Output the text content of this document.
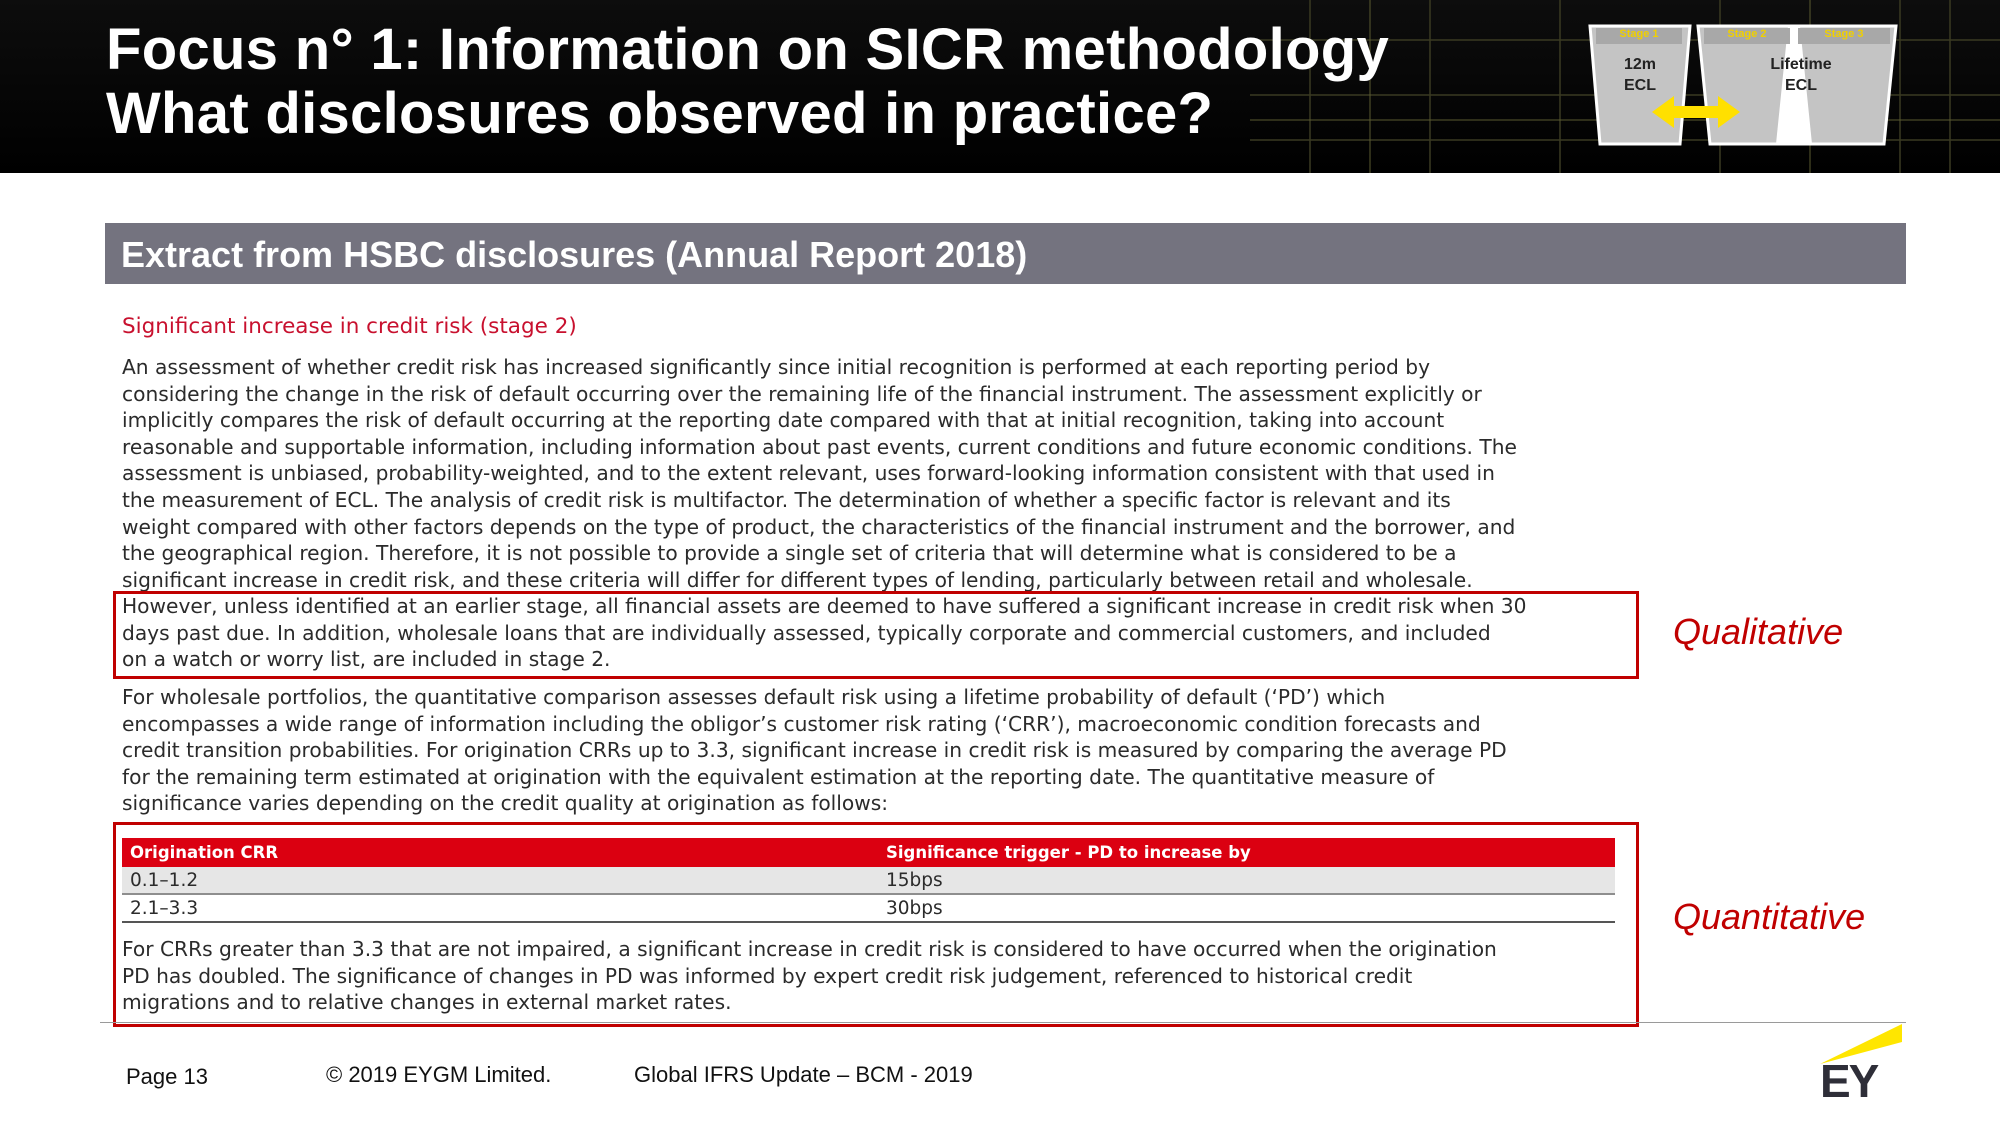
Focus n° 1: Information on SICR methodology
What disclosures observed in practice?
Stage 1	Stage 2	Stage 3
12m
ECL
Lifetime
ECL
Extract from HSBC disclosures (Annual Report 2018)
Significant increase in credit risk (stage 2)
An assessment of whether credit risk has increased significantly since initial recognition is performed at each reporting period by
considering the change in the risk of default occurring over the remaining life of the financial instrument. The assessment explicitly or
implicitly compares the risk of default occurring at the reporting date compared with that at initial recognition, taking into account
reasonable and supportable information, including information about past events, current conditions and future economic conditions. The
assessment is unbiased, probability-weighted, and to the extent relevant, uses forward-looking information consistent with that used in
the measurement of ECL. The analysis of credit risk is multifactor. The determination of whether a specific factor is relevant and its
weight compared with other factors depends on the type of product, the characteristics of the financial instrument and the borrower, and
the geographical region. Therefore, it is not possible to provide a single set of criteria that will determine what is considered to be a
significant increase in credit risk, and these criteria will differ for different types of lending, particularly between retail and wholesale.
However, unless identified at an earlier stage, all financial assets are deemed to have suffered a significant increase in credit risk when 30
days past due. In addition, wholesale loans that are individually assessed, typically corporate and commercial customers, and included
on a watch or worry list, are included in stage 2.
For wholesale portfolios, the quantitative comparison assesses default risk using a lifetime probability of default (‘PD’) which
encompasses a wide range of information including the obligor’s customer risk rating (‘CRR’), macroeconomic condition forecasts and
credit transition probabilities. For origination CRRs up to 3.3, significant increase in credit risk is measured by comparing the average PD
for the remaining term estimated at origination with the equivalent estimation at the reporting date. The quantitative measure of
significance varies depending on the credit quality at origination as follows:
For CRRs greater than 3.3 that are not impaired, a significant increase in credit risk is considered to have occurred when the origination
PD has doubled. The significance of changes in PD was informed by expert credit risk judgement, referenced to historical credit
migrations and to relative changes in external market rates.
Origination CRR	Significance trigger - PD to increase by
0.1–1.2	15bps
2.1–3.3	30bps
Qualitative
Quantitative
Page 13	© 2019 EYGM Limited.	Global IFRS Update – BCM - 2019	EY
